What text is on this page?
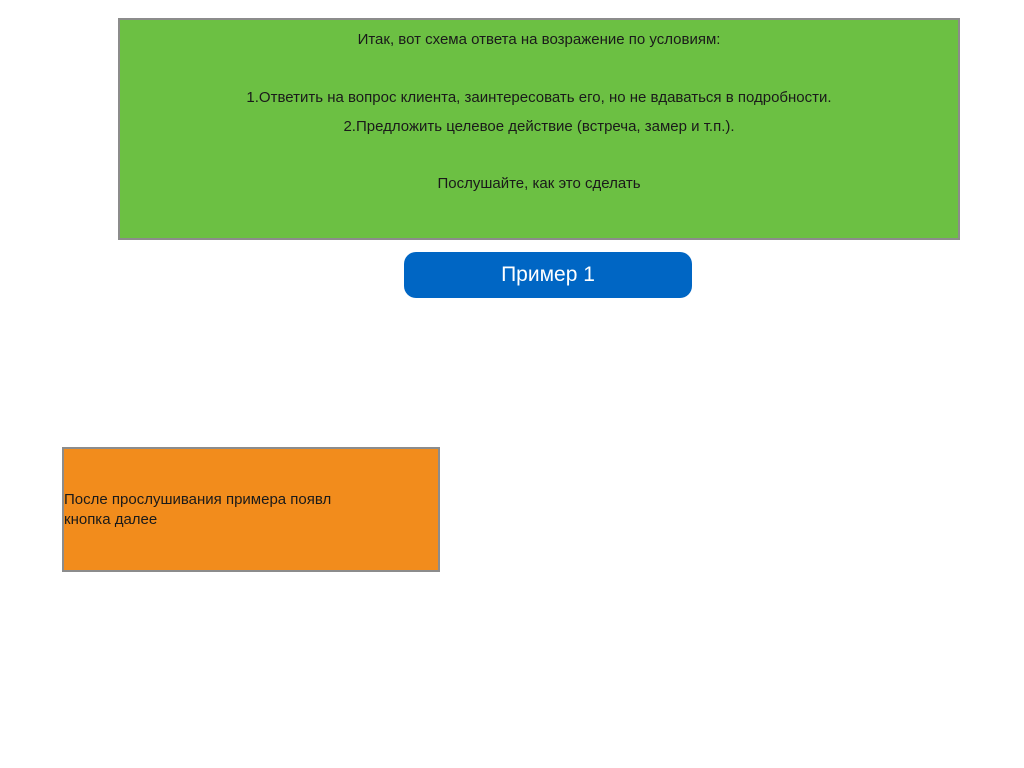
Итак, вот схема ответа на возражение по условиям:
1.Ответить на вопрос клиента, заинтересовать его, но не вдаваться в подробности.
2.Предложить целевое действие (встреча, замер и т.п.).
Послушайте, как это сделать
Пример 1
После прослушивания примера появл
кнопка далее
